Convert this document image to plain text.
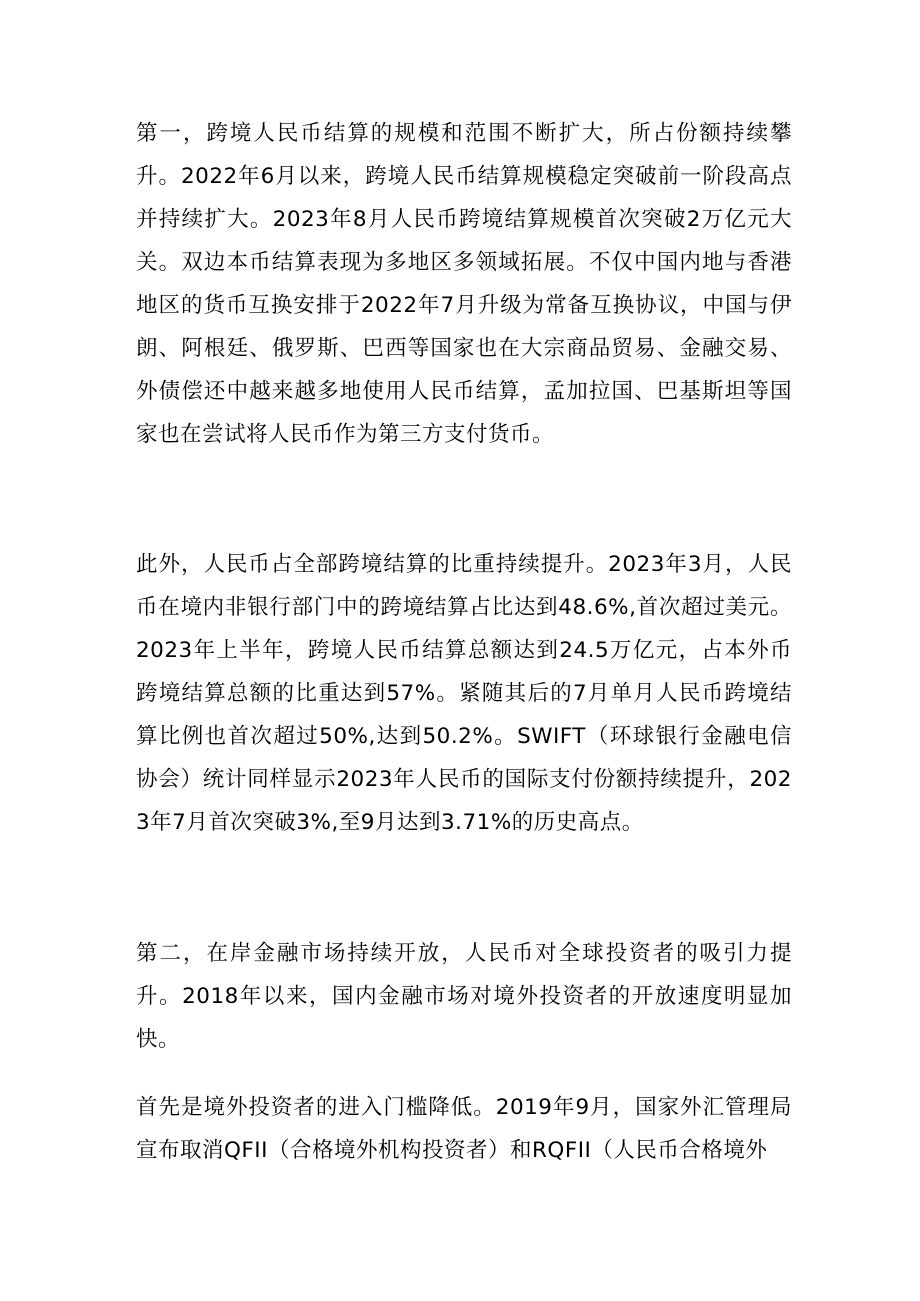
第一，跨境人民币结算的规模和范围不断扩大，所占份额持续攀升。2022年6月以来，跨境人民币结算规模稳定突破前一阶段高点并持续扩大。2023年8月人民币跨境结算规模首次突破2万亿元大关。双边本币结算表现为多地区多领域拓展。不仅中国内地与香港地区的货币互换安排于2022年7月升级为常备互换协议，中国与伊朗、阿根廷、俄罗斯、巴西等国家也在大宗商品贸易、金融交易、外债偿还中越来越多地使用人民币结算，孟加拉国、巴基斯坦等国家也在尝试将人民币作为第三方支付货币。

此外，人民币占全部跨境结算的比重持续提升。2023年3月，人民币在境内非银行部门中的跨境结算占比达到48.6%,首次超过美元。2023年上半年，跨境人民币结算总额达到24.5万亿元，占本外币跨境结算总额的比重达到57%。紧随其后的7月单月人民币跨境结算比例也首次超过50%,达到50.2%。SWIFT（环球银行金融电信协会）统计同样显示2023年人民币的国际支付份额持续提升，2023年7月首次突破3%,至9月达到3.71%的历史高点。

第二，在岸金融市场持续开放，人民币对全球投资者的吸引力提升。2018年以来，国内金融市场对境外投资者的开放速度明显加快。

首先是境外投资者的进入门槛降低。2019年9月，国家外汇管理局宣布取消QFII（合格境外机构投资者）和RQFII（人民币合格境外
